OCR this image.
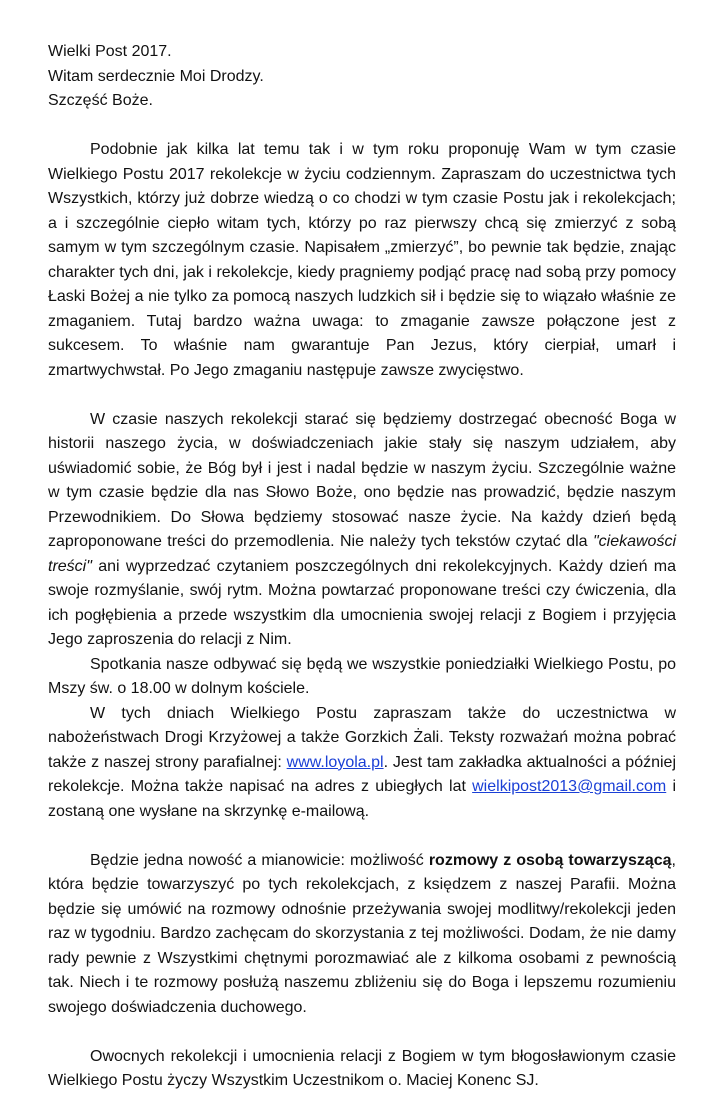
Wielki Post 2017.

Witam serdecznie Moi Drodzy.

Szczęść Boże.

Podobnie jak kilka lat temu tak i w tym roku proponuję Wam w tym czasie Wielkiego Postu 2017 rekolekcje w życiu codziennym. Zapraszam do uczestnictwa tych Wszystkich, którzy już dobrze wiedzą o co chodzi w tym czasie Postu jak i rekolekcjach; a i szczególnie ciepło witam tych, którzy po raz pierwszy chcą się zmierzyć z sobą samym w tym szczególnym czasie. Napisałem „zmierzyć”, bo pewnie tak będzie, znając charakter tych dni, jak i rekolekcje, kiedy pragniemy podjąć pracę nad sobą przy pomocy Łaski Bożej a nie tylko za pomocą naszych ludzkich sił i będzie się to wiązało właśnie ze zmaganiem. Tutaj bardzo ważna uwaga: to zmaganie zawsze połączone jest z sukcesem. To właśnie nam gwarantuje Pan Jezus, który cierpiał, umarł i zmartwychwstał. Po Jego zmaganiu następuje zawsze zwycięstwo.

W czasie naszych rekolekcji starać się będziemy dostrzegać obecność Boga w historii naszego życia, w doświadczeniach jakie stały się naszym udziałem, aby uświadomić sobie, że Bóg był i jest i nadal będzie w naszym życiu. Szczególnie ważne w tym czasie będzie dla nas Słowo Boże, ono będzie nas prowadzić, będzie naszym Przewodnikiem. Do Słowa będziemy stosować nasze życie. Na każdy dzień będą zaproponowane treści do przemodlenia. Nie należy tych tekstów czytać dla "ciekawości treści" ani wyprzedzać czytaniem poszczególnych dni rekolekcyjnych. Każdy dzień ma swoje rozmyślanie, swój rytm. Można powtarzać proponowane treści czy ćwiczenia, dla ich pogłębienia a przede wszystkim dla umocnienia swojej relacji z Bogiem i przyjęcia Jego zaproszenia do relacji z Nim.

Spotkania nasze odbywać się będą we wszystkie poniedziałki Wielkiego Postu, po Mszy św. o 18.00 w dolnym kościele.

W tych dniach Wielkiego Postu zapraszam także do uczestnictwa w nabożeństwach Drogi Krzyżowej a także Gorzkich Żali. Teksty rozważań można pobrać także z naszej strony parafialnej: www.loyola.pl. Jest tam zakładka aktualności a później rekolekcje. Można także napisać na adres z ubiegłych lat wielkipost2013@gmail.com i zostaną one wysłane na skrzynkę e-mailową.

Będzie jedna nowość a mianowicie: możliwość rozmowy z osobą towarzyszącą, która będzie towarzyszyć po tych rekolekcjach, z księdzem z naszej Parafii. Można będzie się umówić na rozmowy odnośnie przeżywania swojej modlitwy/rekolekcji jeden raz w tygodniu. Bardzo zachęcam do skorzystania z tej możliwości. Dodam, że nie damy rady pewnie z Wszystkimi chętnymi porozmawiać ale z kilkoma osobami z pewnością tak. Niech i te rozmowy posłużą naszemu zbliżeniu się do Boga i lepszemu rozumieniu swojego doświadczenia duchowego.

Owocnych rekolekcji i umocnienia relacji z Bogiem w tym błogosławionym czasie Wielkiego Postu życzy Wszystkim Uczestnikom o. Maciej Konenc SJ.
